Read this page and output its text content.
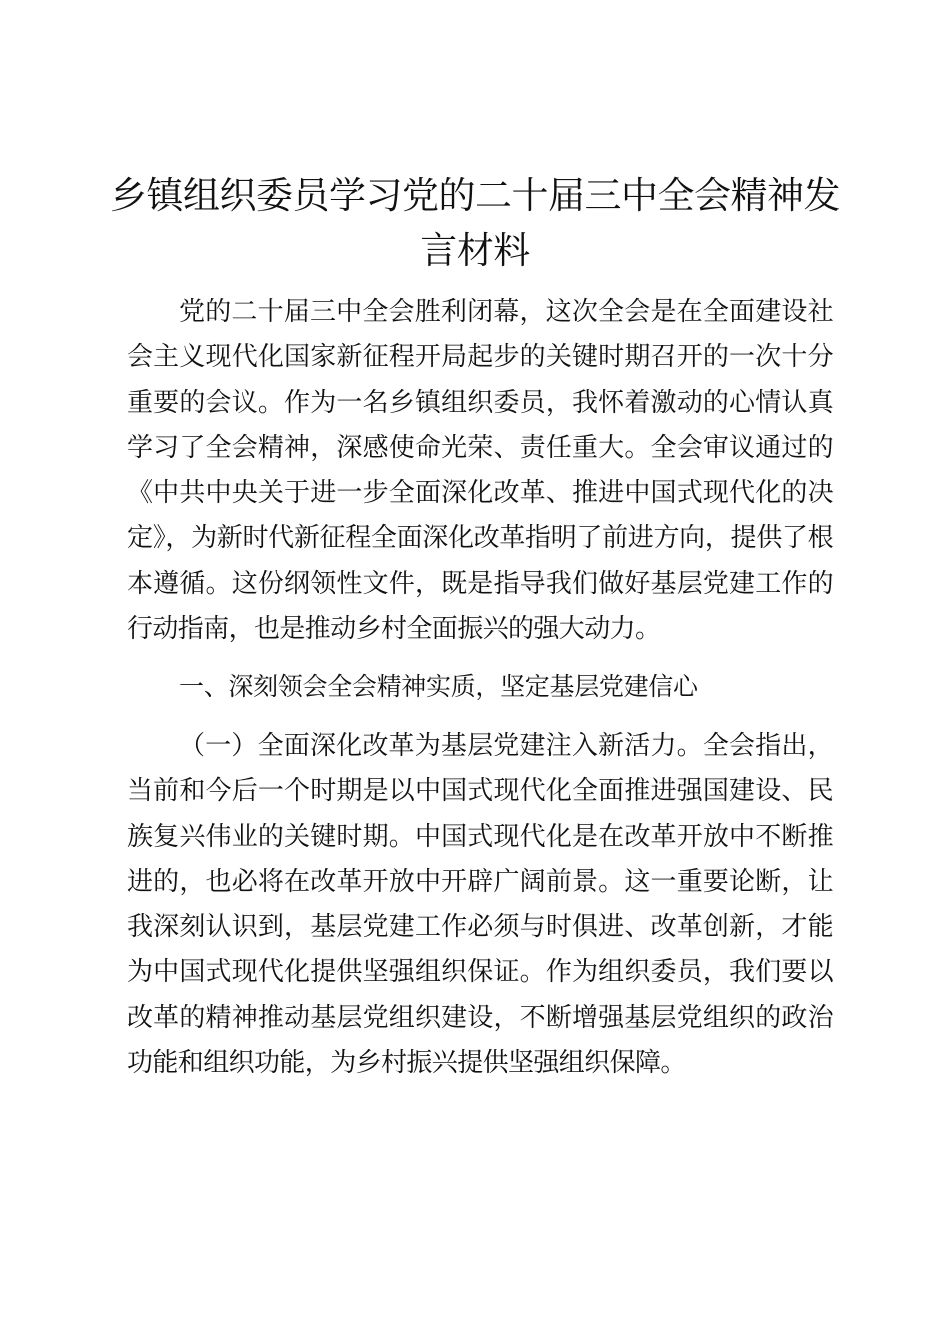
乡镇组织委员学习党的二十届三中全会精神发言材料

党的二十届三中全会胜利闭幕，这次全会是在全面建设社会主义现代化国家新征程开局起步的关键时期召开的一次十分重要的会议。作为一名乡镇组织委员，我怀着激动的心情认真学习了全会精神，深感使命光荣、责任重大。全会审议通过的《中共中央关于进一步全面深化改革、推进中国式现代化的决定》，为新时代新征程全面深化改革指明了前进方向，提供了根本遵循。这份纲领性文件，既是指导我们做好基层党建工作的行动指南，也是推动乡村全面振兴的强大动力。

一、深刻领会全会精神实质，坚定基层党建信心

（一）全面深化改革为基层党建注入新活力。全会指出，当前和今后一个时期是以中国式现代化全面推进强国建设、民族复兴伟业的关键时期。中国式现代化是在改革开放中不断推进的，也必将在改革开放中开辟广阔前景。这一重要论断，让我深刻认识到，基层党建工作必须与时俱进、改革创新，才能为中国式现代化提供坚强组织保证。作为组织委员，我们要以改革的精神推动基层党组织建设，不断增强基层党组织的政治功能和组织功能，为乡村振兴提供坚强组织保障。
